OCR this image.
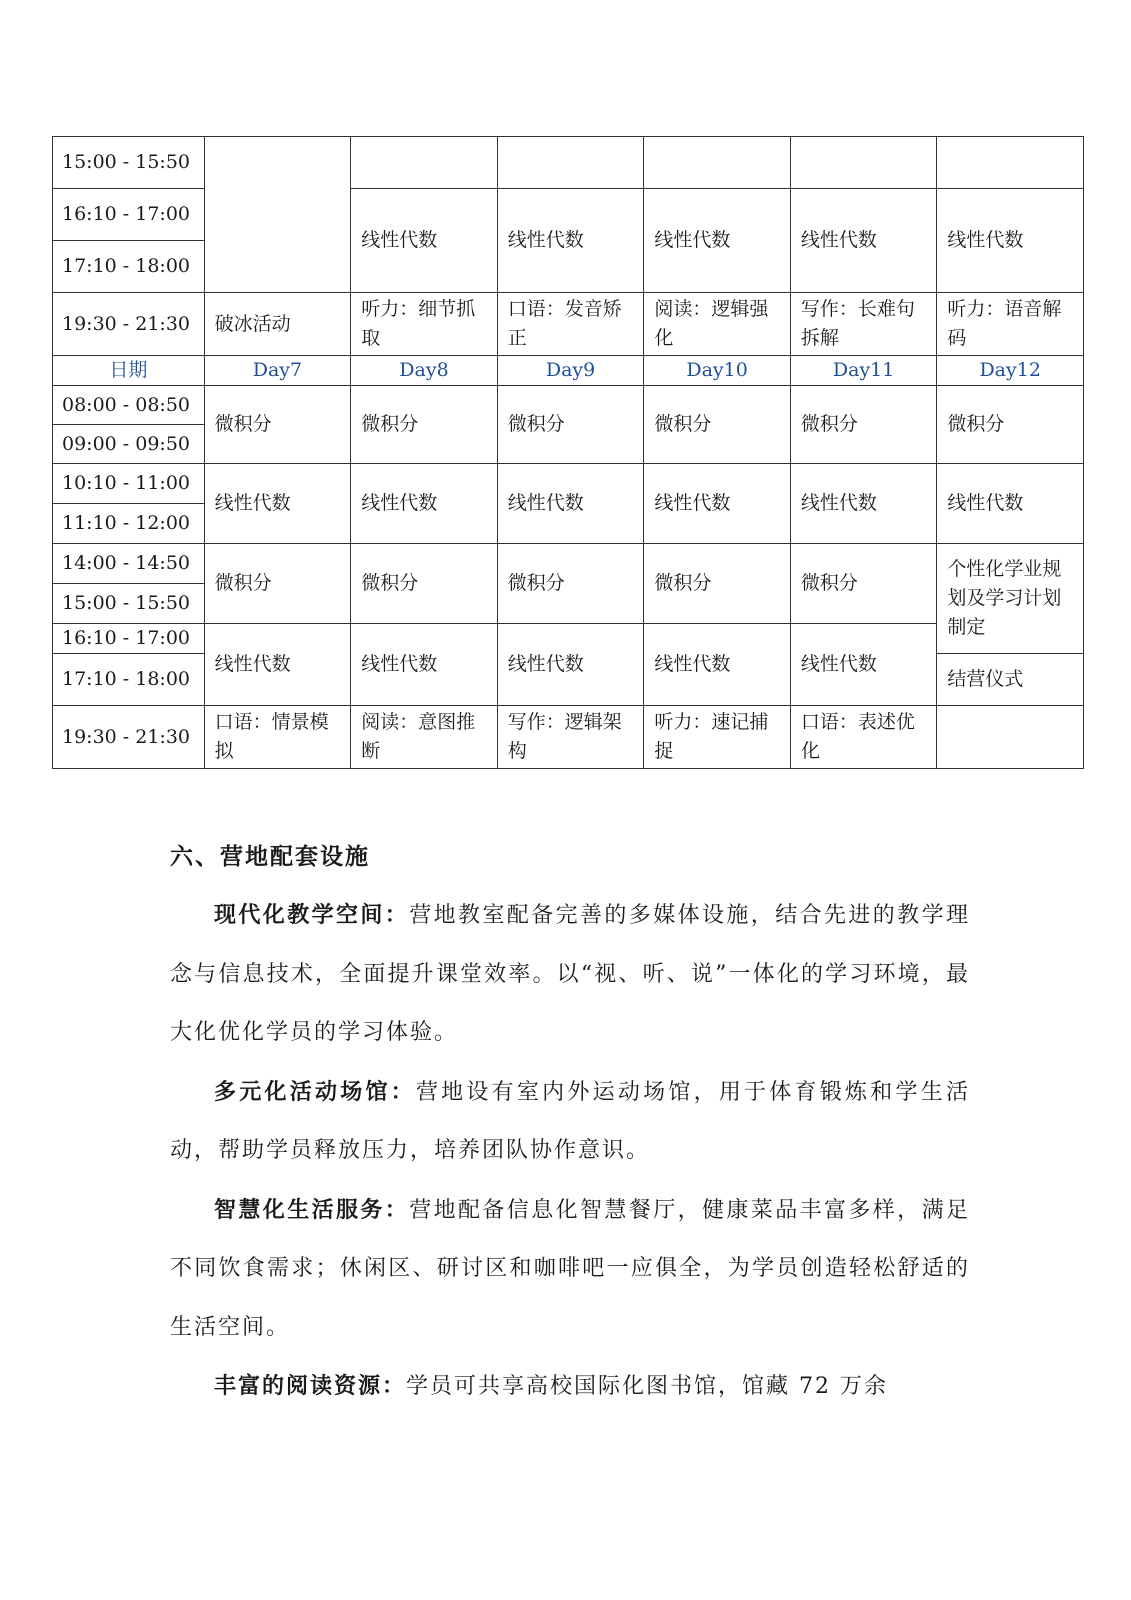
15:00 - 15:50						
16:10 - 17:00		线性代数	线性代数	线性代数	线性代数	线性代数
17:10 - 18:00						
19:30 - 21:30	破冰活动	听力：细节抓取	口语：发音矫正	阅读：逻辑强化	写作：长难句拆解	听力：语音解码
日期	Day7	Day8	Day9	Day10	Day11	Day12
08:00 - 08:50	微积分	微积分	微积分	微积分	微积分	微积分
09:00 - 09:50						
10:10 - 11:00	线性代数	线性代数	线性代数	线性代数	线性代数	线性代数
11:10 - 12:00						
14:00 - 14:50	微积分	微积分	微积分	微积分	微积分	个性化学业规划及学习计划制定
15:00 - 15:50						
16:10 - 17:00	线性代数	线性代数	线性代数	线性代数	线性代数	
17:10 - 18:00						结营仪式
19:30 - 21:30	口语：情景模拟	阅读：意图推断	写作：逻辑架构	听力：速记捕捉	口语：表述优化	
六、营地配套设施

现代化教学空间：营地教室配备完善的多媒体设施，结合先进的教学理念与信息技术，全面提升课堂效率。以“视、听、说”一体化的学习环境，最大化优化学员的学习体验。

多元化活动场馆：营地设有室内外运动场馆，用于体育锻炼和学生活动，帮助学员释放压力，培养团队协作意识。

智慧化生活服务：营地配备信息化智慧餐厅，健康菜品丰富多样，满足不同饮食需求；休闲区、研讨区和咖啡吧一应俱全，为学员创造轻松舒适的生活空间。

丰富的阅读资源：学员可共享高校国际化图书馆，馆藏 72 万余
